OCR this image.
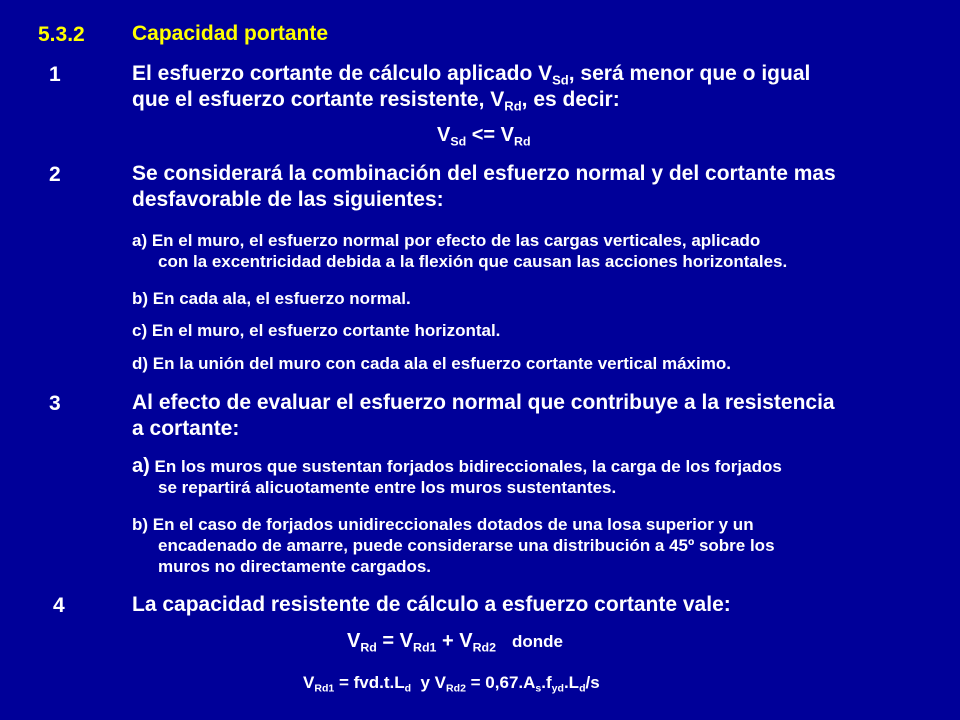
5.3.2 Capacidad portante
1	El esfuerzo cortante de cálculo aplicado $V_{Sd}$, será menor que o igual
que el esfuerzo cortante resistente, $V_{Rd}$, es decir:
$V_{Sd} <= V_{Rd}$
2	Se considerará la combinación del esfuerzo normal y del cortante mas
desfavorable de las siguientes:
a) En el muro, el esfuerzo normal por efecto de las cargas verticales, aplicado
con la excentricidad debida a la flexión que causan las acciones horizontales.
b) En cada ala, el esfuerzo normal.
c) En el muro, el esfuerzo cortante horizontal.
d) En la unión del muro con cada ala el esfuerzo cortante vertical máximo.
3	Al efecto de evaluar el esfuerzo normal que contribuye a la resistencia
a cortante:
a) En los muros que sustentan forjados bidireccionales, la carga de los forjados
se repartirá alicuotamente entre los muros sustentantes.
b) En el caso de forjados unidireccionales dotados de una losa superior y un
encadenado de amarre, puede considerarse una distribución a 45º sobre los
muros no directamente cargados.
4	La capacidad resistente de cálculo a esfuerzo cortante vale:
$V_{Rd} = V_{Rd1} + V_{Rd2}$ donde
$V_{Rd1} = fvd.t.L_d$  y $V_{Rd2} = 0,67.A_s.f_{yd}.L_d/s$
